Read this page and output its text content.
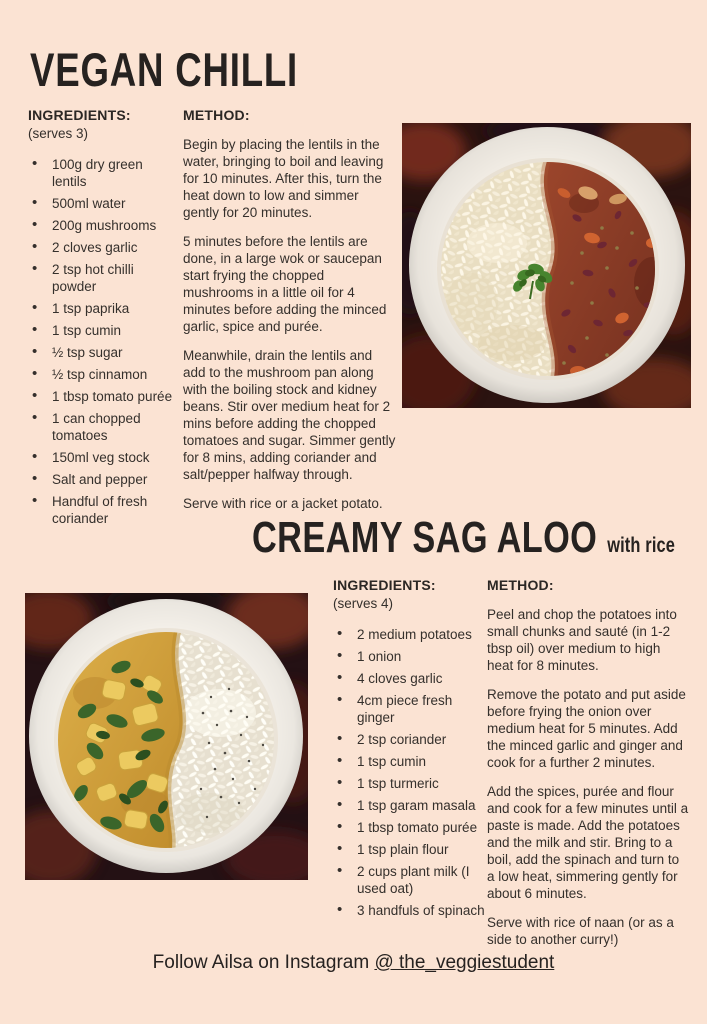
VEGAN CHILLI
INGREDIENTS:
(serves 3)
• 100g dry green lentils
• 500ml water
• 200g mushrooms
• 2 cloves garlic
• 2 tsp hot chilli powder
• 1 tsp paprika
• 1 tsp cumin
• ½ tsp sugar
• ½ tsp cinnamon
• 1 tbsp tomato purée
• 1 can chopped tomatoes
• 150ml veg stock
• Salt and pepper
• Handful of fresh coriander
METHOD:

Begin by placing the lentils in the water, bringing to boil and leaving for 10 minutes. After this, turn the heat down to low and simmer gently for 20 minutes.

5 minutes before the lentils are done, in a large wok or saucepan start frying the chopped mushrooms in a little oil for 4 minutes before adding the minced garlic, spice and purée.

Meanwhile, drain the lentils and add to the mushroom pan along with the boiling stock and kidney beans. Stir over medium heat for 2 mins before adding the chopped tomatoes and sugar. Simmer gently for 8 mins, adding coriander and salt/pepper halfway through.

Serve with rice or a jacket potato.

CREAMY SAG ALOO with rice
INGREDIENTS:
(serves 4)
• 2 medium potatoes
• 1 onion
• 4 cloves garlic
• 4cm piece fresh ginger
• 2 tsp coriander
• 1 tsp cumin
• 1 tsp turmeric
• 1 tsp garam masala
• 1 tbsp tomato purée
• 1 tsp plain flour
• 2 cups plant milk (I used oat)
• 3 handfuls of spinach
METHOD:

Peel and chop the potatoes into small chunks and sauté (in 1-2 tbsp oil) over medium to high heat for 8 minutes.

Remove the potato and put aside before frying the onion over medium heat for 5 minutes. Add the minced garlic and ginger and cook for a further 2 minutes.

Add the spices, purée and flour and cook for a few minutes until a paste is made. Add the potatoes and the milk and stir. Bring to a boil, add the spinach and turn to a low heat, simmering gently for about 6 minutes.

Serve with rice of naan (or as a side to another curry!)

Follow Ailsa on Instagram @ the_veggiestudent
